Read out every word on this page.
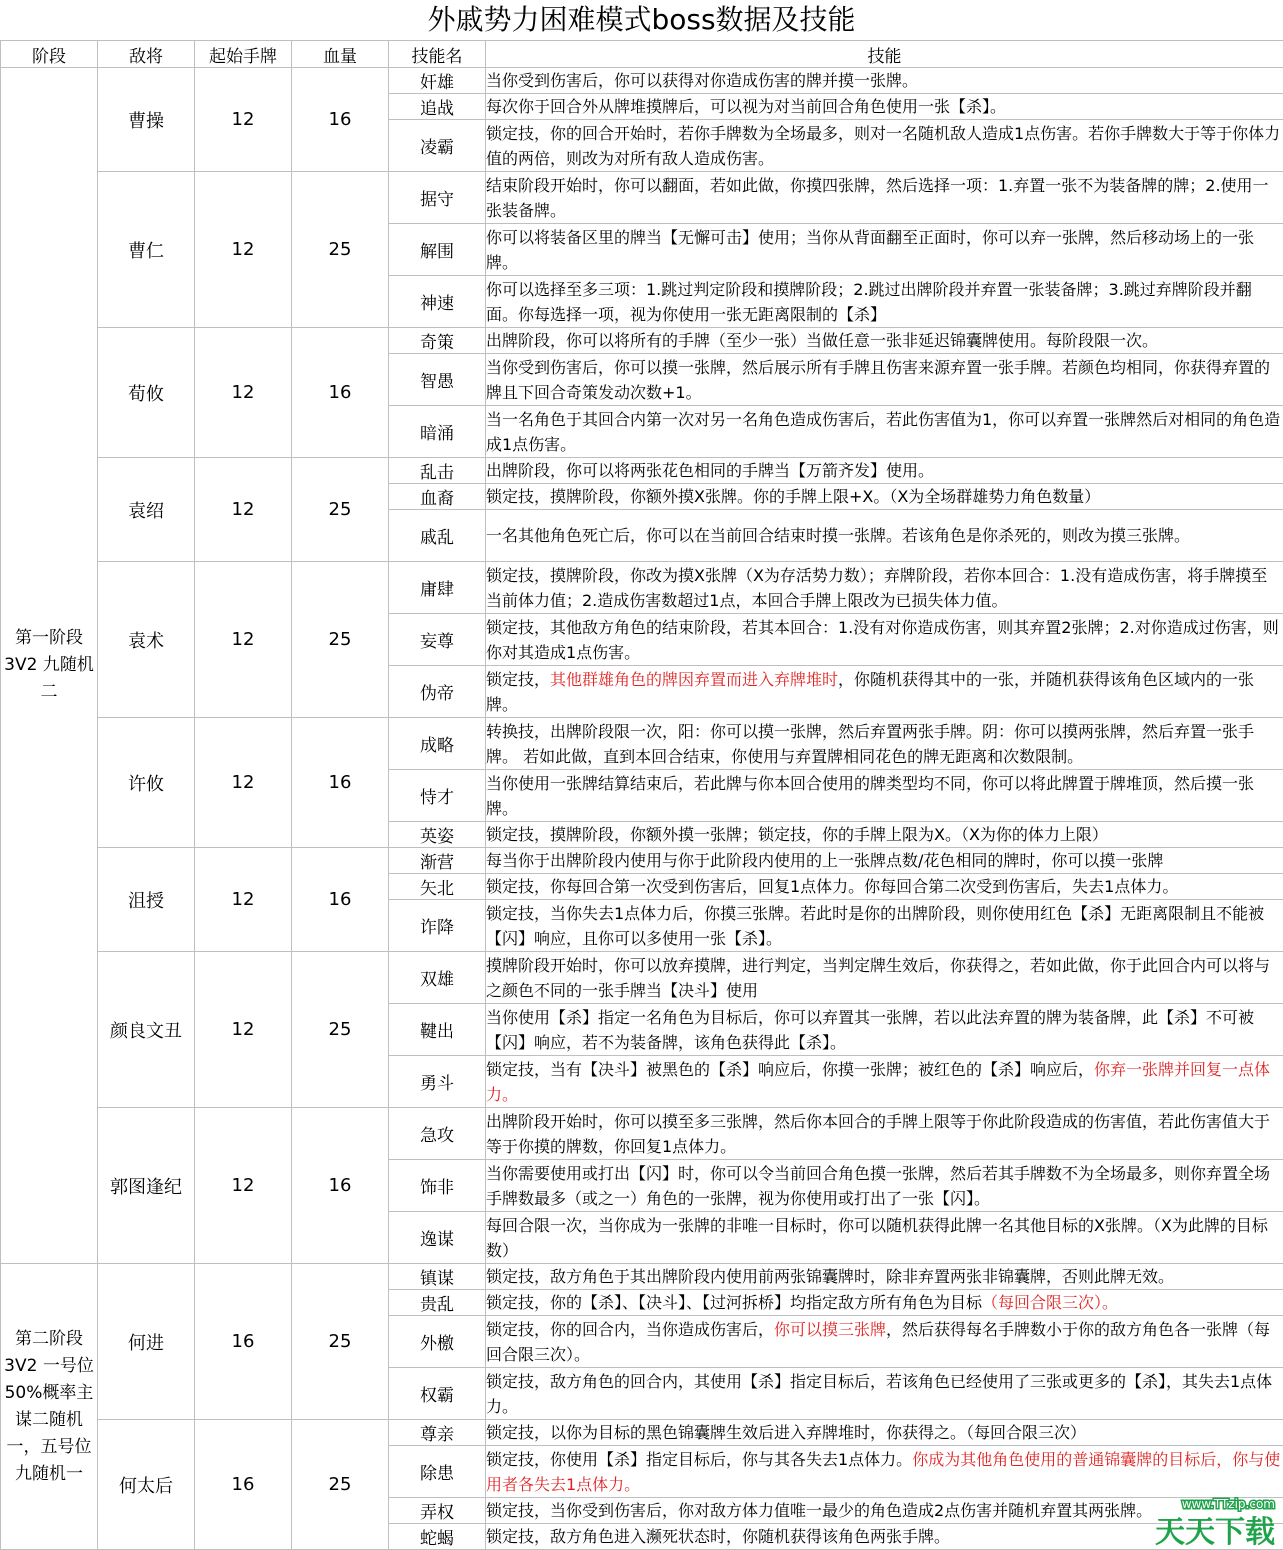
外戚势力困难模式boss数据及技能
阶段	敌将	起始手牌	血量	技能名	技能
第一阶段3V2 九随机二	曹操	12	16	奸雄	当你受到伤害后，你可以获得对你造成伤害的牌并摸一张牌。
				追战	每次你于回合外从牌堆摸牌后，可以视为对当前回合角色使用一张【杀】。
				凌霸	锁定技，你的回合开始时，若你手牌数为全场最多，则对一名随机敌人造成1点伤害。若你手牌数大于等于你体力值的两倍，则改为对所有敌人造成伤害。
	曹仁	12	25	据守	结束阶段开始时，你可以翻面，若如此做，你摸四张牌，然后选择一项：1.弃置一张不为装备牌的牌；2.使用一张装备牌。
				解围	你可以将装备区里的牌当【无懈可击】使用；当你从背面翻至正面时，你可以弃一张牌，然后移动场上的一张牌。
				神速	你可以选择至多三项：1.跳过判定阶段和摸牌阶段；2.跳过出牌阶段并弃置一张装备牌；3.跳过弃牌阶段并翻面。你每选择一项，视为你使用一张无距离限制的【杀】
	荀攸	12	16	奇策	出牌阶段，你可以将所有的手牌（至少一张）当做任意一张非延迟锦囊牌使用。每阶段限一次。
				智愚	当你受到伤害后，你可以摸一张牌，然后展示所有手牌且伤害来源弃置一张手牌。若颜色均相同，你获得弃置的牌且下回合奇策发动次数+1。
				暗涌	当一名角色于其回合内第一次对另一名角色造成伤害后，若此伤害值为1，你可以弃置一张牌然后对相同的角色造成1点伤害。
	袁绍	12	25	乱击	出牌阶段，你可以将两张花色相同的手牌当【万箭齐发】使用。
				血裔	锁定技，摸牌阶段，你额外摸X张牌。你的手牌上限+X。（X为全场群雄势力角色数量）
				戚乱	一名其他角色死亡后，你可以在当前回合结束时摸一张牌。若该角色是你杀死的，则改为摸三张牌。
	袁术	12	25	庸肆	锁定技，摸牌阶段，你改为摸X张牌（X为存活势力数）；弃牌阶段，若你本回合：1.没有造成伤害，将手牌摸至当前体力值；2.造成伤害数超过1点，本回合手牌上限改为已损失体力值。
				妄尊	锁定技，其他敌方角色的结束阶段，若其本回合：1.没有对你造成伤害，则其弃置2张牌；2.对你造成过伤害，则你对其造成1点伤害。
				伪帝	锁定技，其他群雄角色的牌因弃置而进入弃牌堆时，你随机获得其中的一张，并随机获得该角色区域内的一张牌。
	许攸	12	16	成略	转换技，出牌阶段限一次，阳：你可以摸一张牌，然后弃置两张手牌。阴：你可以摸两张牌，然后弃置一张手牌。 若如此做，直到本回合结束，你使用与弃置牌相同花色的牌无距离和次数限制。
				恃才	当你使用一张牌结算结束后，若此牌与你本回合使用的牌类型均不同，你可以将此牌置于牌堆顶，然后摸一张牌。
				英姿	锁定技，摸牌阶段，你额外摸一张牌；锁定技，你的手牌上限为X。（X为你的体力上限）
	沮授	12	16	渐营	每当你于出牌阶段内使用与你于此阶段内使用的上一张牌点数/花色相同的牌时，你可以摸一张牌
				矢北	锁定技，你每回合第一次受到伤害后，回复1点体力。你每回合第二次受到伤害后，失去1点体力。
				诈降	锁定技，当你失去1点体力后，你摸三张牌。若此时是你的出牌阶段，则你使用红色【杀】无距离限制且不能被【闪】响应，且你可以多使用一张【杀】。
	颜良文丑	12	25	双雄	摸牌阶段开始时，你可以放弃摸牌，进行判定，当判定牌生效后，你获得之，若如此做，你于此回合内可以将与之颜色不同的一张手牌当【决斗】使用
				鞬出	当你使用【杀】指定一名角色为目标后，你可以弃置其一张牌，若以此法弃置的牌为装备牌，此【杀】不可被【闪】响应，若不为装备牌，该角色获得此【杀】。
				勇斗	锁定技，当有【决斗】被黑色的【杀】响应后，你摸一张牌；被红色的【杀】响应后，你弃一张牌并回复一点体力。
	郭图逢纪	12	16	急攻	出牌阶段开始时，你可以摸至多三张牌，然后你本回合的手牌上限等于你此阶段造成的伤害值，若此伤害值大于等于你摸的牌数，你回复1点体力。
				饰非	当你需要使用或打出【闪】时，你可以令当前回合角色摸一张牌，然后若其手牌数不为全场最多，则你弃置全场手牌数最多（或之一）角色的一张牌，视为你使用或打出了一张【闪】。
				逸谋	每回合限一次，当你成为一张牌的非唯一目标时，你可以随机获得此牌一名其他目标的X张牌。（X为此牌的目标数）
第二阶段3V2 一号位50%概率主谋二随机一，五号位九随机一	何进	16	25	镇谋	锁定技，敌方角色于其出牌阶段内使用前两张锦囊牌时，除非弃置两张非锦囊牌，否则此牌无效。
				贵乱	锁定技，你的【杀】、【决斗】、【过河拆桥】均指定敌方所有角色为目标（每回合限三次）。
				外檄	锁定技，你的回合内，当你造成伤害后，你可以摸三张牌，然后获得每名手牌数小于你的敌方角色各一张牌（每回合限三次）。
				权霸	锁定技，敌方角色的回合内，其使用【杀】指定目标后，若该角色已经使用了三张或更多的【杀】，其失去1点体力。
	何太后	16	25	尊亲	锁定技，以你为目标的黑色锦囊牌生效后进入弃牌堆时，你获得之。（每回合限三次）
				除患	锁定技，你使用【杀】指定目标后，你与其各失去1点体力。你成为其他角色使用的普通锦囊牌的目标后，你与使用者各失去1点体力。
				弄权	锁定技，当你受到伤害后，你对敌方体力值唯一最少的角色造成2点伤害并随机弃置其两张牌。
				蛇蝎	锁定技，敌方角色进入濒死状态时，你随机获得该角色两张手牌。
www.TTzip.com
天天下载
